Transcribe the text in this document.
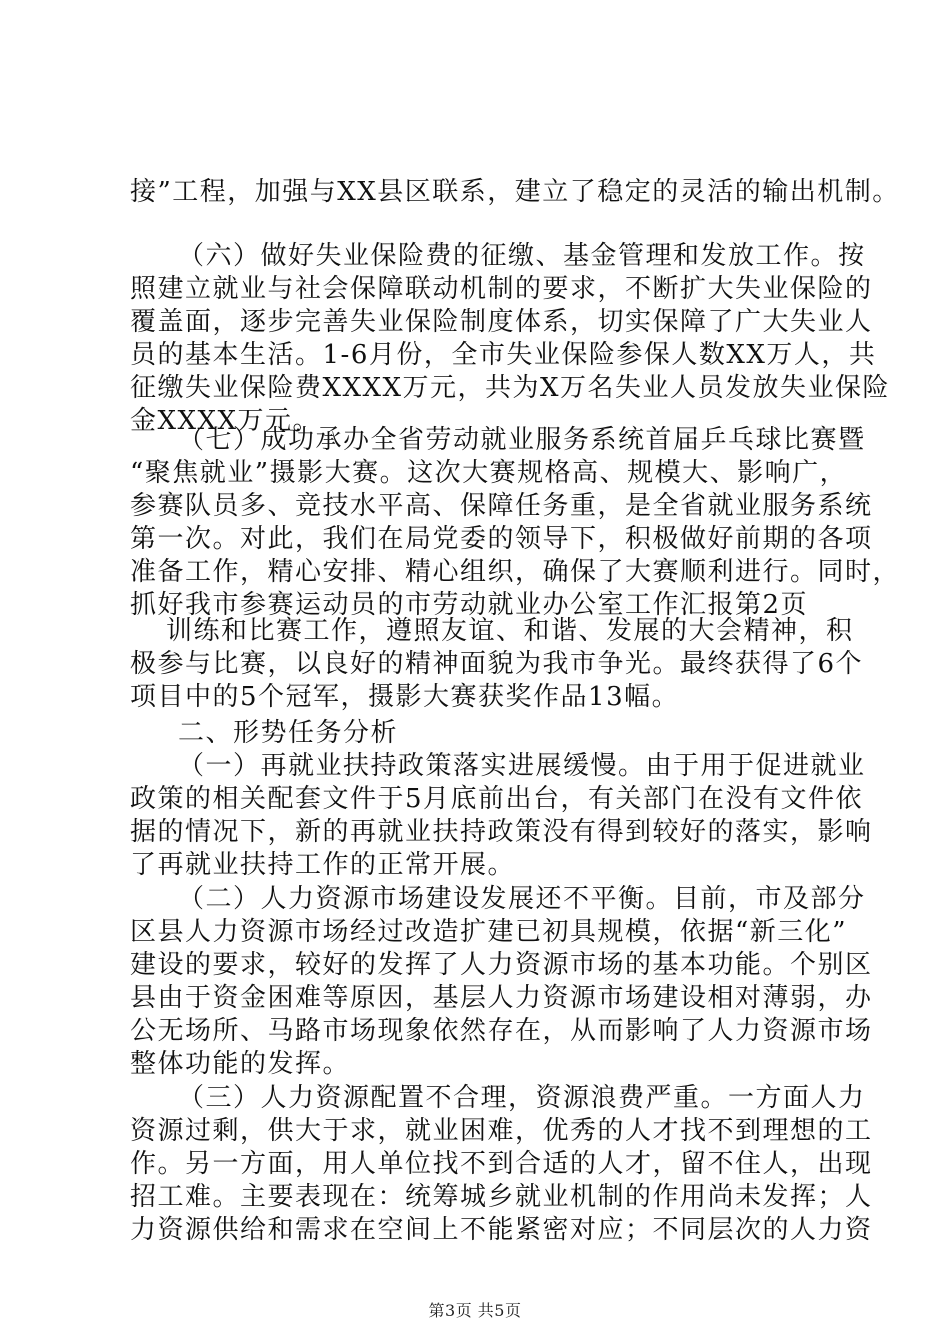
接”工程，加强与XX县区联系，建立了稳定的灵活的输出机制。
（六）做好失业保险费的征缴、基金管理和发放工作。按
照建立就业与社会保障联动机制的要求，不断扩大失业保险的
覆盖面，逐步完善失业保险制度体系，切实保障了广大失业人
员的基本生活。1-6月份，全市失业保险参保人数XX万人，共
征缴失业保险费XXXX万元，共为X万名失业人员发放失业保险
金XXXX万元。
（七）成功承办全省劳动就业服务系统首届乒乓球比赛暨
“聚焦就业”摄影大赛。这次大赛规格高、规模大、影响广，
参赛队员多、竞技水平高、保障任务重，是全省就业服务系统
第一次。对此，我们在局党委的领导下，积极做好前期的各项
准备工作，精心安排、精心组织，确保了大赛顺利进行。同时，
抓好我市参赛运动员的市劳动就业办公室工作汇报第2页
训练和比赛工作，遵照友谊、和谐、发展的大会精神，积
极参与比赛，以良好的精神面貌为我市争光。最终获得了6个
项目中的5个冠军，摄影大赛获奖作品13幅。
二、形势任务分析
（一）再就业扶持政策落实进展缓慢。由于用于促进就业
政策的相关配套文件于5月底前出台，有关部门在没有文件依
据的情况下，新的再就业扶持政策没有得到较好的落实，影响
了再就业扶持工作的正常开展。
（二）人力资源市场建设发展还不平衡。目前，市及部分
区县人力资源市场经过改造扩建已初具规模，依据“新三化”
建设的要求，较好的发挥了人力资源市场的基本功能。个别区
县由于资金困难等原因，基层人力资源市场建设相对薄弱，办
公无场所、马路市场现象依然存在，从而影响了人力资源市场
整体功能的发挥。
（三）人力资源配置不合理，资源浪费严重。一方面人力
资源过剩，供大于求，就业困难，优秀的人才找不到理想的工
作。另一方面，用人单位找不到合适的人才，留不住人，出现
招工难。主要表现在：统筹城乡就业机制的作用尚未发挥；人
力资源供给和需求在空间上不能紧密对应；不同层次的人力资
第3页 共5页
